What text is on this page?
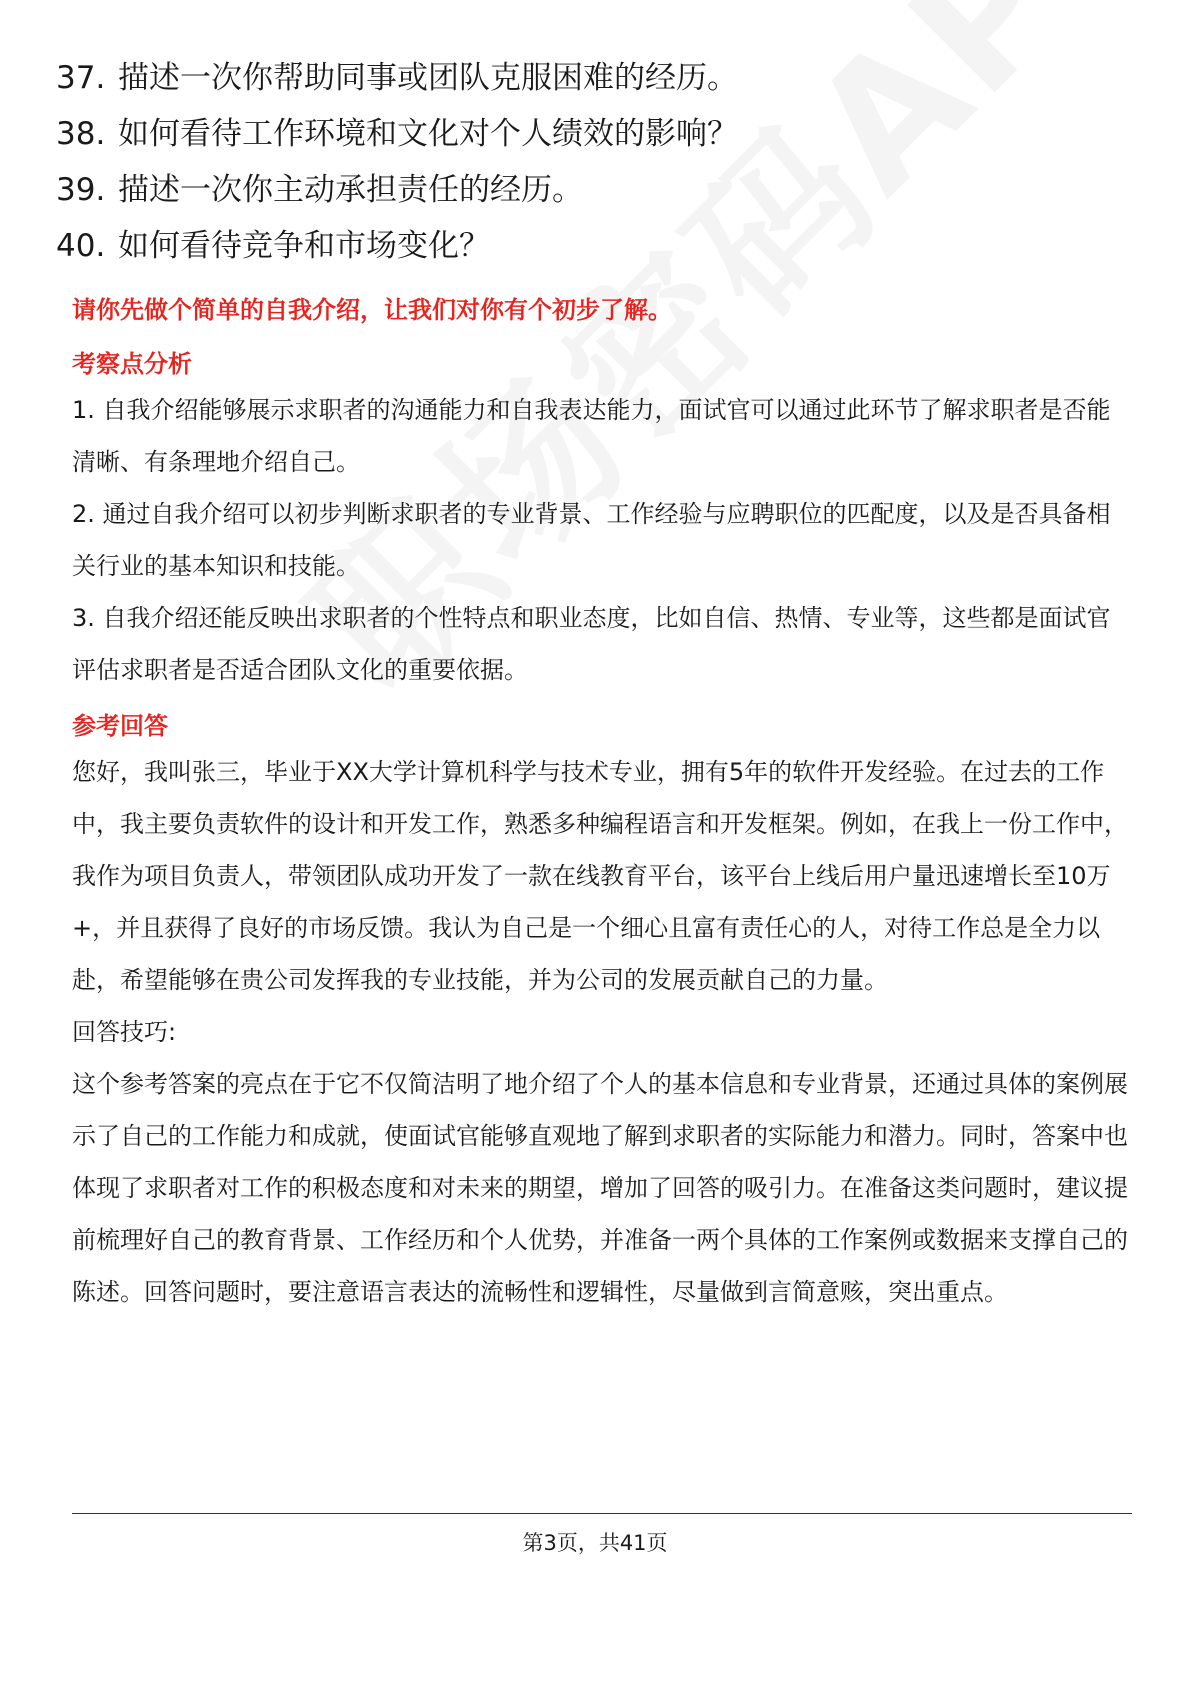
37. 描述一次你帮助同事或团队克服困难的经历。
38. 如何看待工作环境和文化对个人绩效的影响？
39. 描述一次你主动承担责任的经历。
40. 如何看待竞争和市场变化？
请你先做个简单的自我介绍，让我们对你有个初步了解。
考察点分析

1. 自我介绍能够展示求职者的沟通能力和自我表达能力，面试官可以通过此环节了解求职者是否能清晰、有条理地介绍自己。

2. 通过自我介绍可以初步判断求职者的专业背景、工作经验与应聘职位的匹配度，以及是否具备相关行业的基本知识和技能。

3. 自我介绍还能反映出求职者的个性特点和职业态度，比如自信、热情、专业等，这些都是面试官评估求职者是否适合团队文化的重要依据。

参考回答

您好，我叫张三，毕业于XX大学计算机科学与技术专业，拥有5年的软件开发经验。在过去的工作中，我主要负责软件的设计和开发工作，熟悉多种编程语言和开发框架。例如，在我上一份工作中，我作为项目负责人，带领团队成功开发了一款在线教育平台，该平台上线后用户量迅速增长至10万+，并且获得了良好的市场反馈。我认为自己是一个细心且富有责任心的人，对待工作总是全力以赴，希望能够在贵公司发挥我的专业技能，并为公司的发展贡献自己的力量。

回答技巧:

这个参考答案的亮点在于它不仅简洁明了地介绍了个人的基本信息和专业背景，还通过具体的案例展示了自己的工作能力和成就，使面试官能够直观地了解到求职者的实际能力和潜力。同时，答案中也体现了求职者对工作的积极态度和对未来的期望，增加了回答的吸引力。在准备这类问题时，建议提前梳理好自己的教育背景、工作经历和个人优势，并准备一两个具体的工作案例或数据来支撑自己的陈述。回答问题时，要注意语言表达的流畅性和逻辑性，尽量做到言简意赅，突出重点。

第3页，共41页
